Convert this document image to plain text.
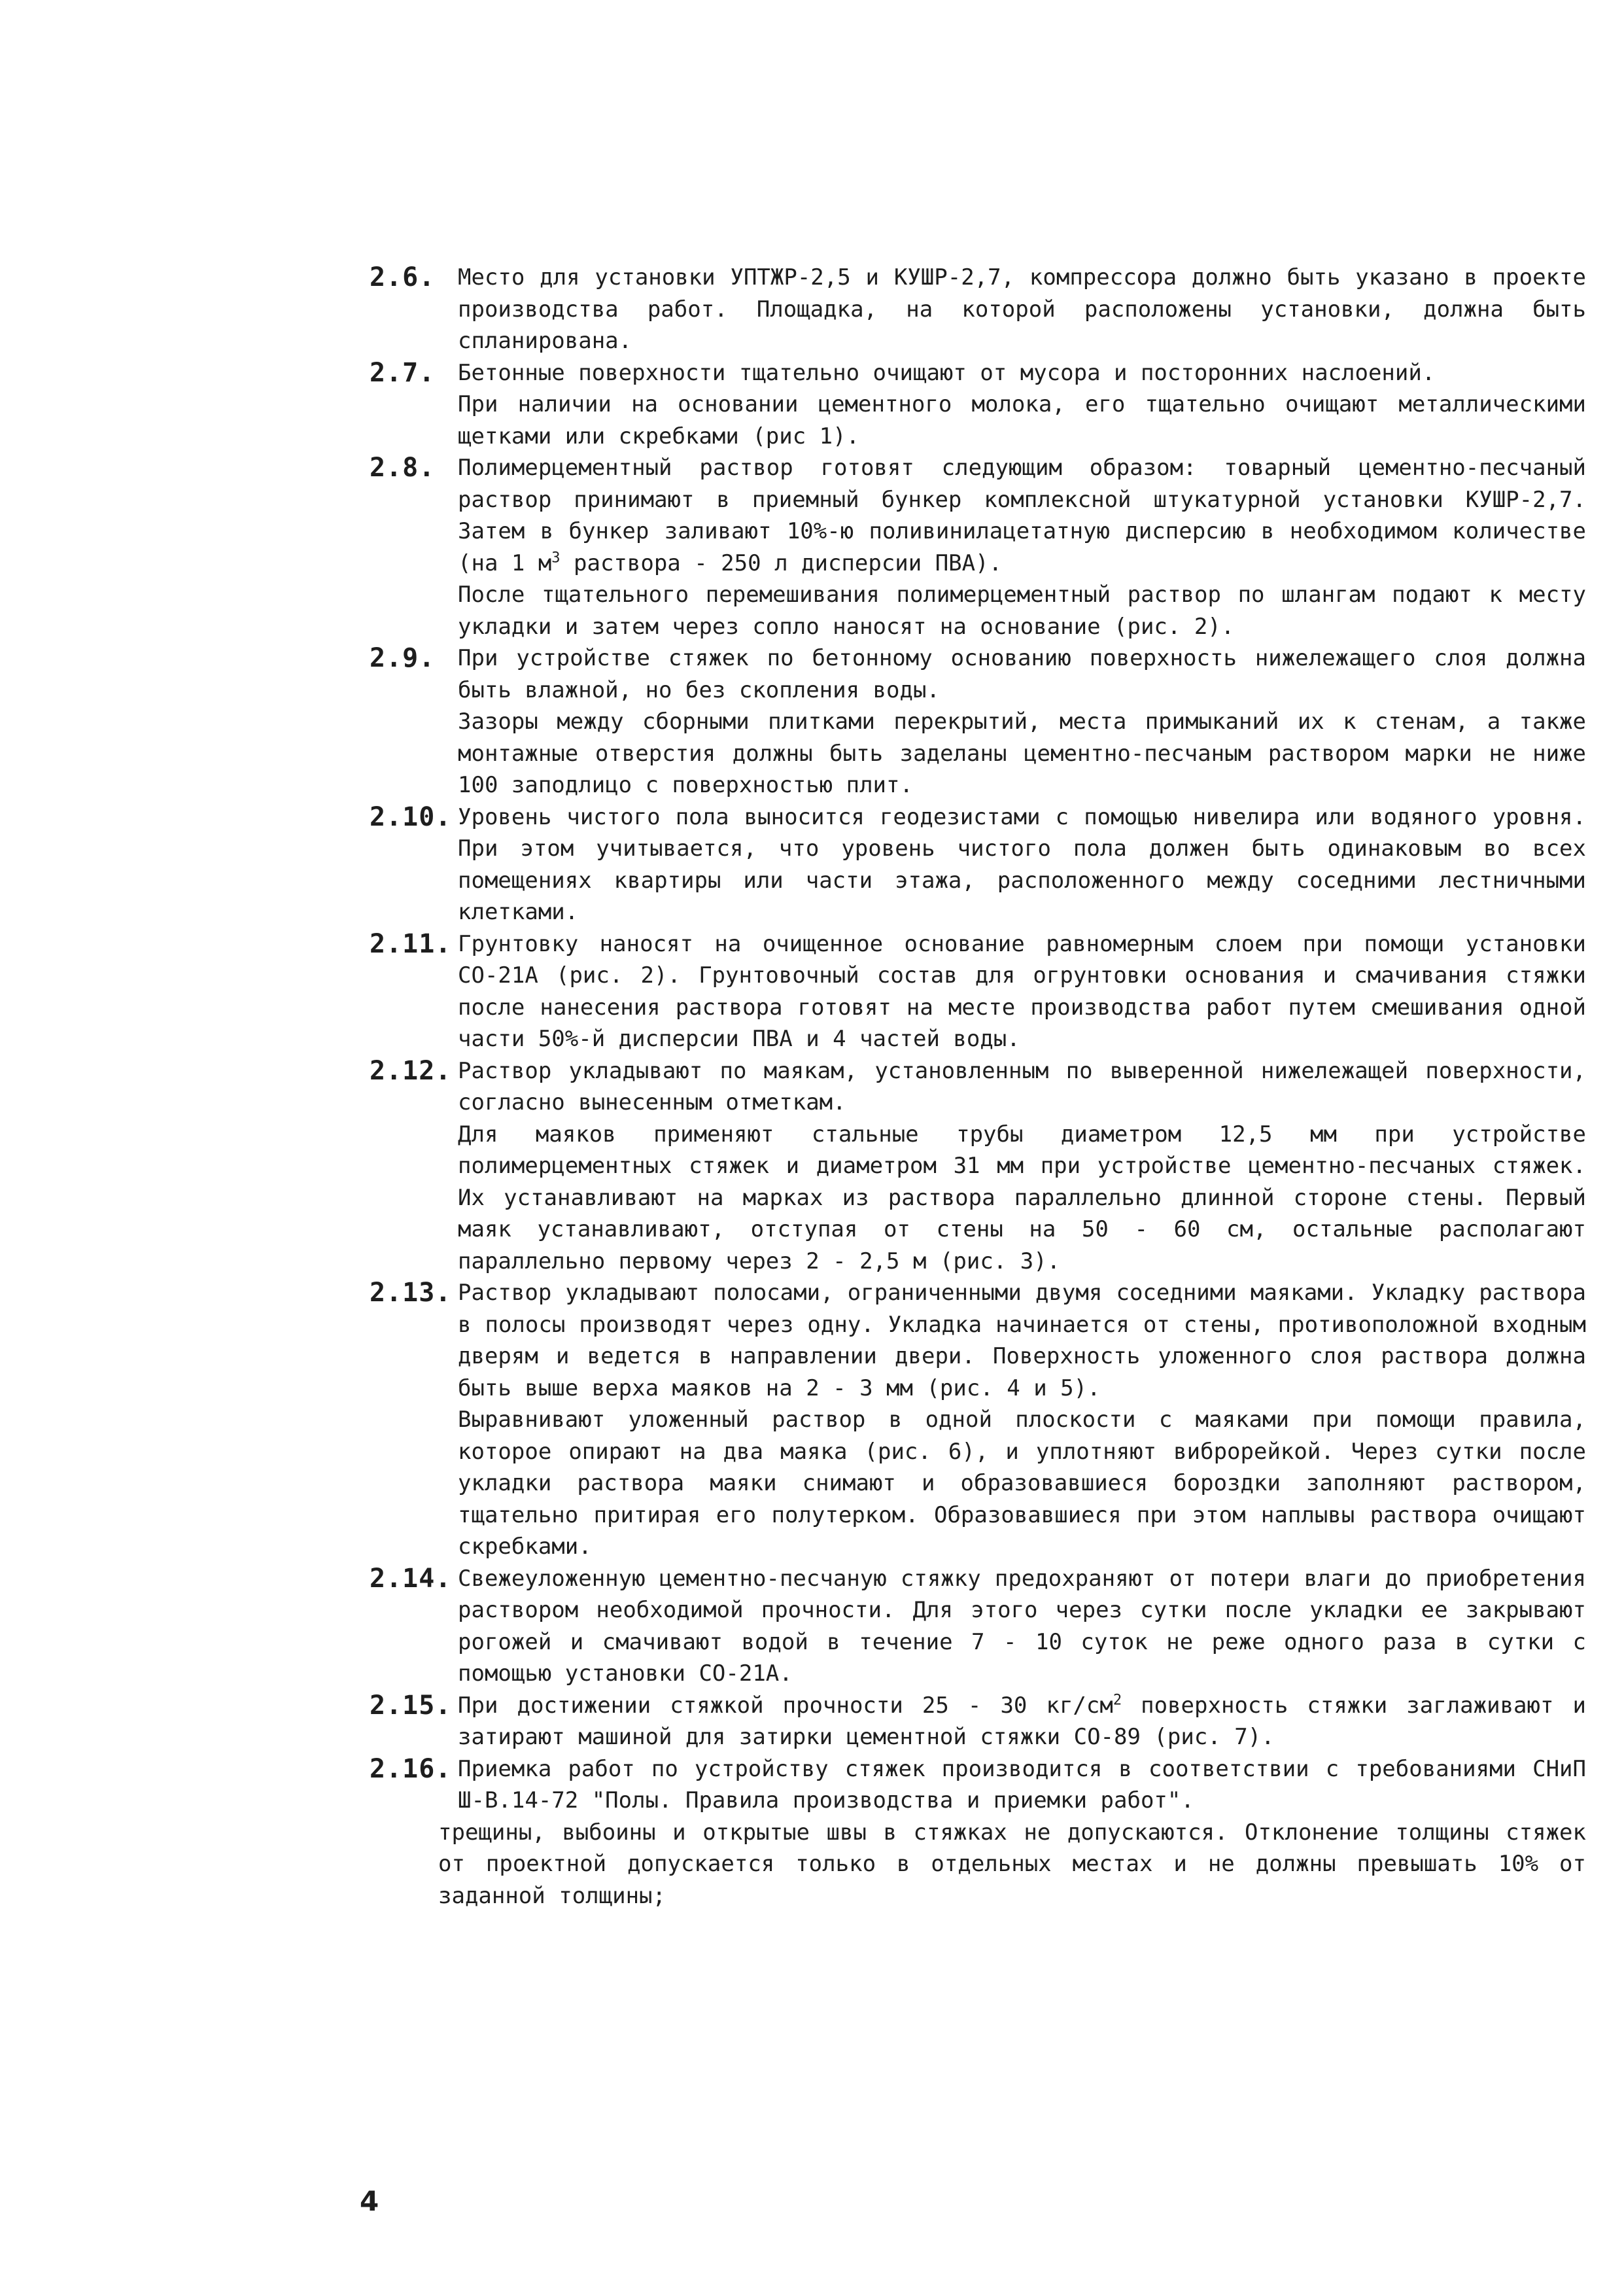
2.6. Место для установки УПТЖР-2,5 и КУШР-2,7, компрессора должно быть указано в проекте производства работ. Площадка, на которой расположены установки, должна быть спланирована.

2.7. Бетонные поверхности тщательно очищают от мусора и посторонних наслоений.

При наличии на основании цементного молока, его тщательно очищают металлическими щетками или скребками (рис 1).

2.8. Полимерцементный раствор готовят следующим образом: товарный цементно-песчаный раствор принимают в приемный бункер комплексной штукатурной установки КУШР-2,7. Затем в бункер заливают 10%-ю поливинилацетатную дисперсию в необходимом количестве (на 1 $м^3$ раствора - 250 л дисперсии ПВА).

После тщательного перемешивания полимерцементный раствор по шлангам подают к месту укладки и затем через сопло наносят на основание (рис. 2).

2.9. При устройстве стяжек по бетонному основанию поверхность нижележащего слоя должна быть влажной, но без скопления воды.

Зазоры между сборными плитками перекрытий, места примыканий их к стенам, а также монтажные отверстия должны быть заделаны цементно-песчаным раствором марки не ниже 100 заподлицо с поверхностью плит.

2.10. Уровень чистого пола выносится геодезистами с помощью нивелира или водяного уровня. При этом учитывается, что уровень чистого пола должен быть одинаковым во всех помещениях квартиры или части этажа, расположенного между соседними лестничными клетками.

2.11. Грунтовку наносят на очищенное основание равномерным слоем при помощи установки СО-21А (рис. 2). Грунтовочный состав для огрунтовки основания и смачивания стяжки после нанесения раствора готовят на месте производства работ путем смешивания одной части 50%-й дисперсии ПВА и 4 частей воды.

2.12. Раствор укладывают по маякам, установленным по выверенной нижележащей поверхности, согласно вынесенным отметкам.

Для маяков применяют стальные трубы диаметром 12,5 мм при устройстве полимерцементных стяжек и диаметром 31 мм при устройстве цементно-песчаных стяжек. Их устанавливают на марках из раствора параллельно длинной стороне стены. Первый маяк устанавливают, отступая от стены на 50 - 60 см, остальные располагают параллельно первому через 2 - 2,5 м (рис. 3).

2.13. Раствор укладывают полосами, ограниченными двумя соседними маяками. Укладку раствора в полосы производят через одну. Укладка начинается от стены, противоположной входным дверям и ведется в направлении двери. Поверхность уложенного слоя раствора должна быть выше верха маяков на 2 - 3 мм (рис. 4 и 5).

Выравнивают уложенный раствор в одной плоскости с маяками при помощи правила, которое опирают на два маяка (рис. 6), и уплотняют виброрейкой. Через сутки после укладки раствора маяки снимают и образовавшиеся бороздки заполняют раствором, тщательно притирая его полутерком. Образовавшиеся при этом наплывы раствора очищают скребками.

2.14. Свежеуложенную цементно-песчаную стяжку предохраняют от потери влаги до приобретения раствором необходимой прочности. Для этого через сутки после укладки ее закрывают рогожей и смачивают водой в течение 7 - 10 суток не реже одного раза в сутки с помощью установки СО-21А.

2.15. При достижении стяжкой прочности 25 - 30 $кг/см^2$ поверхность стяжки заглаживают и затирают машиной для затирки цементной стяжки СО-89 (рис. 7).

2.16. Приемка работ по устройству стяжек производится в соответствии с требованиями СНиП Ш-В.14-72 "Полы. Правила производства и приемки работ".

трещины, выбоины и открытые швы в стяжках не допускаются. Отклонение толщины стяжек от проектной допускается только в отдельных местах и не должны превышать 10% от заданной толщины;

4
